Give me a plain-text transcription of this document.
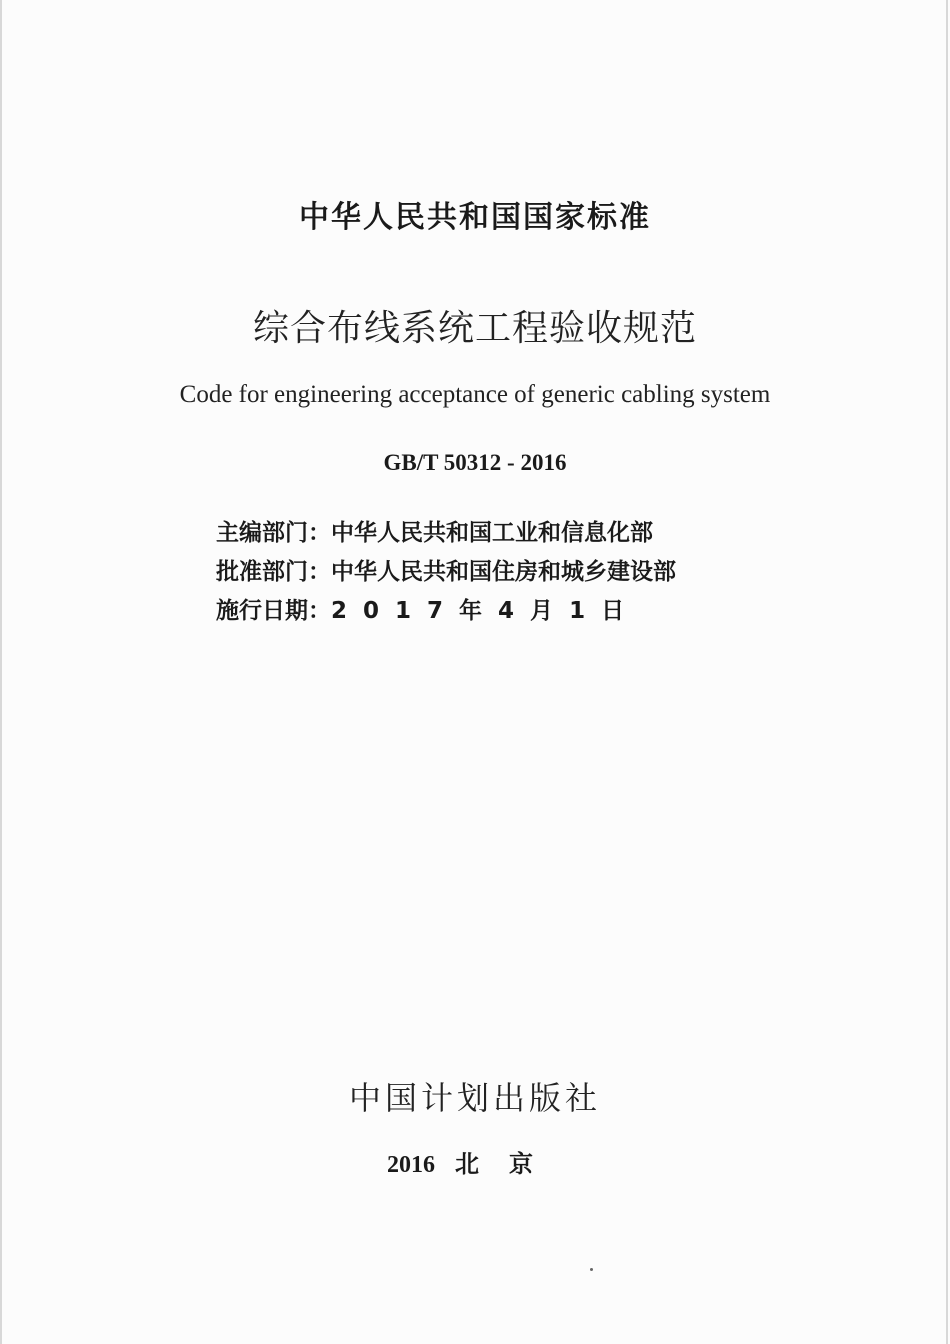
中华人民共和国国家标准
综合布线系统工程验收规范
Code for engineering acceptance of generic cabling system
GB/T 50312 - 2016
主编部门：中华人民共和国工业和信息化部
批准部门：中华人民共和国住房和城乡建设部
施行日期：2 0 1 7 年 4 月 1 日
中国计划出版社
2016 北京
